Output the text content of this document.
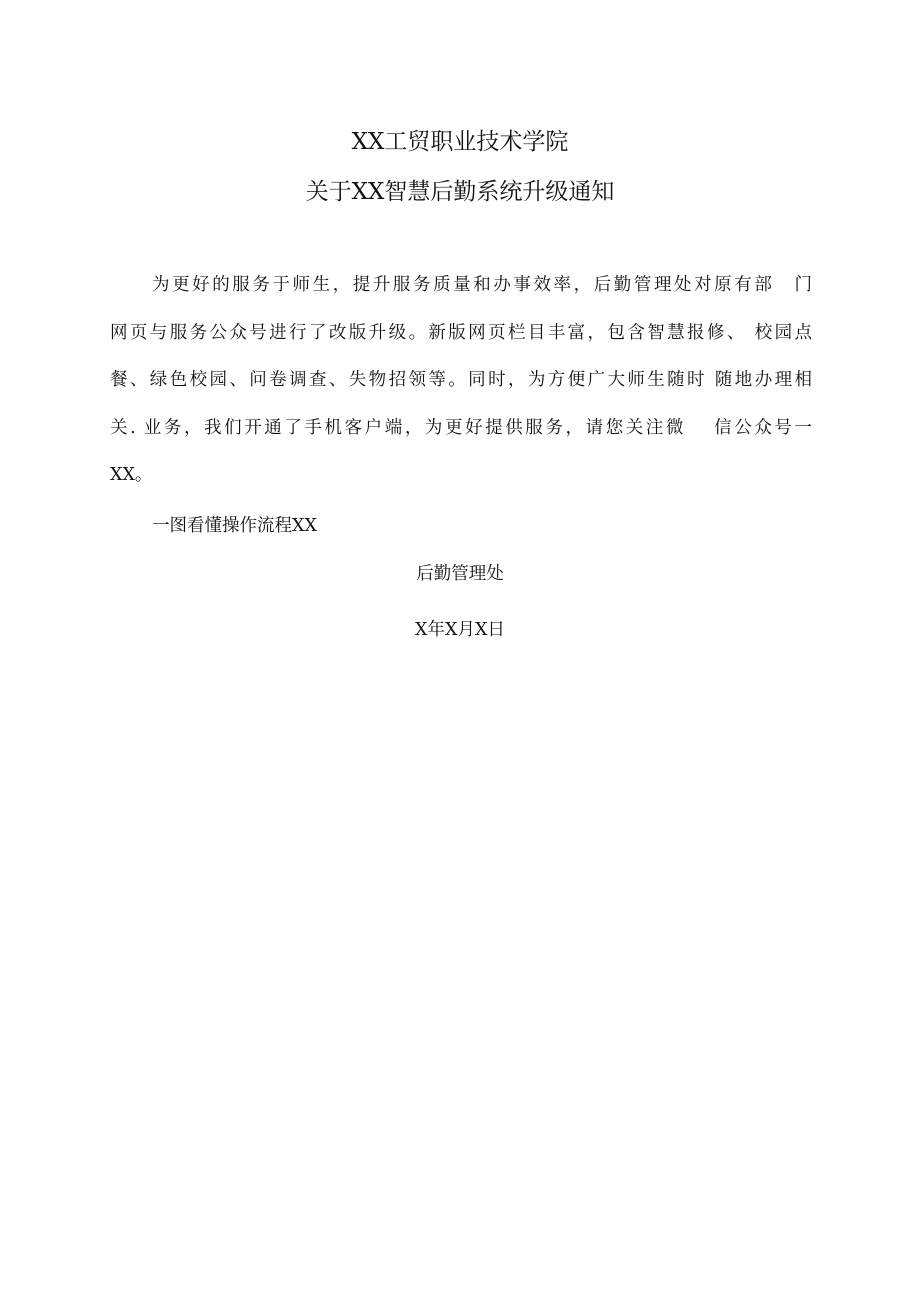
XX工贸职业技术学院
关于XX智慧后勤系统升级通知
为更好的服务于师生，提升服务质量和办事效率，后勤管理处对原有部　门
网页与服务公众号进行了改版升级。新版网页栏目丰富，包含智慧报修、 校园点
餐、绿色校园、问卷调查、失物招领等。同时，为方便广大师生随时 随地办理相
关. 业务，我们开通了手机客户端，为更好提供服务，请您关注微　 信公众号一
XX。
一图看懂操作流程XX
后勤管理处
X年X月X日
